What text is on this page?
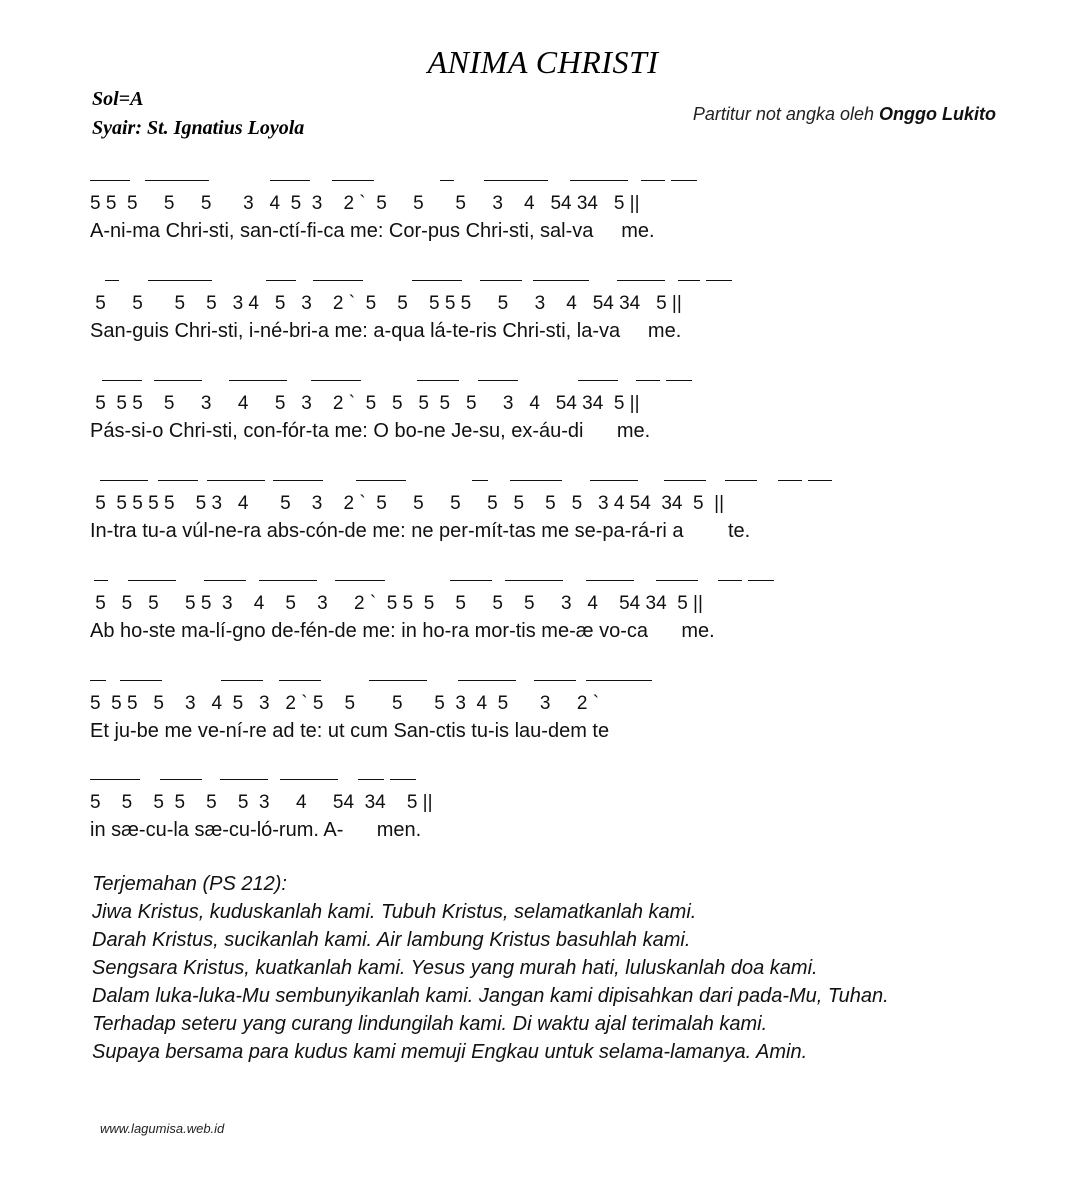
ANIMA CHRISTI
Sol=A
Syair: St. Ignatius Loyola
Partitur not angka oleh Onggo Lukito
5 5  5     5     5      3   4  5  3    2 `  5     5      5     3    4   54 34   5 ||
A-ni-ma Chri-sti, san-ctí-fi-ca me: Cor-pus Chri-sti, sal-va     me.
5     5      5    5   3 4   5   3    2 `  5    5    5 5 5     5     3    4   54 34   5 ||
San-guis Chri-sti, i-né-bri-a me: a-qua lá-te-ris Chri-sti, la-va     me.
5  5 5    5     3     4     5   3    2 `  5   5   5  5   5     3   4   54 34  5 ||
Pás-si-o Chri-sti, con-fór-ta me: O bo-ne Je-su, ex-áu-di      me.
5  5 5 5 5    5 3   4      5    3    2 `  5     5     5     5   5    5   5   3 4 54  34  5  ||
In-tra tu-a vúl-ne-ra abs-cón-de me: ne per-mít-tas me se-pa-rá-ri a        te.
5   5   5     5 5  3    4    5    3     2 `  5 5  5    5     5    5     3   4    54 34  5 ||
Ab ho-ste ma-lí-gno de-fén-de me: in ho-ra mor-tis me-æ vo-ca      me.
5  5 5   5    3   4  5   3   2 ` 5    5       5      5  3  4  5      3     2 `
Et ju-be me ve-ní-re ad te: ut cum San-ctis tu-is lau-dem te
5    5    5  5    5    5  3     4     54  34    5 ||
in sæ-cu-la sæ-cu-ló-rum. A-      men.
Terjemahan (PS 212):
Jiwa Kristus, kuduskanlah kami. Tubuh Kristus, selamatkanlah kami.
Darah Kristus, sucikanlah kami. Air lambung Kristus basuhlah kami.
Sengsara Kristus, kuatkanlah kami. Yesus yang murah hati, luluskanlah doa kami.
Dalam luka-luka-Mu sembunyikanlah kami. Jangan kami dipisahkan dari pada-Mu, Tuhan.
Terhadap seteru yang curang lindungilah kami. Di waktu ajal terimalah kami.
Supaya bersama para kudus kami memuji Engkau untuk selama-lamanya. Amin.
www.lagumisa.web.id
